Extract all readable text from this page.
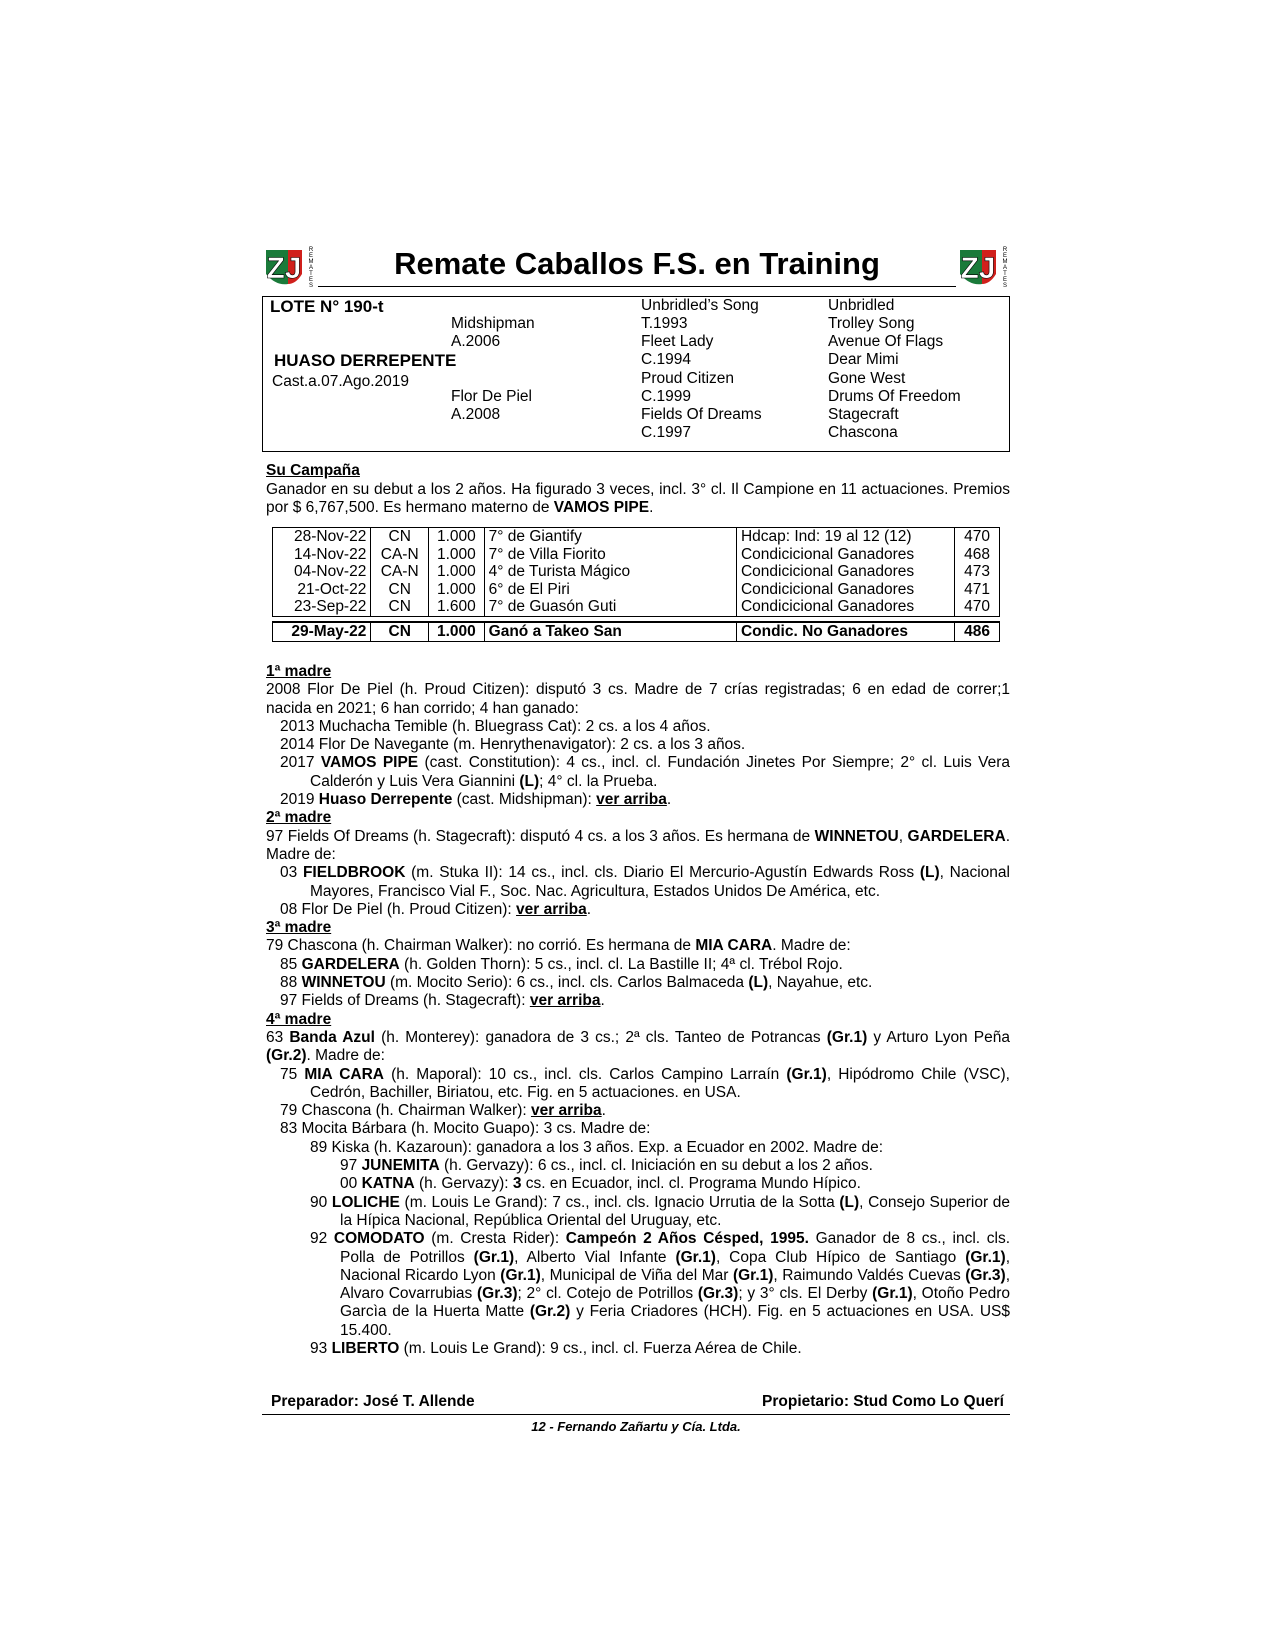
ZJ
R
E
M
A
T
E
S
Remate Caballos F.S. en Training	ZJ
R
E
M
A
T
E
S
LOTE N° 190-t
HUASO DERREPENTE
Cast.a.07.Ago.2019
Midshipman
A.2006
Flor De Piel
A.2008
Unbridled’s Song
T.1993
Fleet Lady
C.1994
Proud Citizen
C.1999
Fields Of Dreams
C.1997
Unbridled
Trolley Song
Avenue Of Flags
Dear Mimi
Gone West
Drums Of Freedom
Stagecraft
Chascona
Su Campaña
Ganador en su debut a los 2 años. Ha figurado 3 veces, incl. 3° cl. Il Campione en 11 actuaciones. Premios por $ 6,767,500. Es hermano materno de VAMOS PIPE.
28-Nov-22	CN	1.000	7° de Giantify	Hdcap: Ind: 19 al 12 (12)	470
14-Nov-22	CA-N	1.000	7° de Villa Fiorito	Condicicional Ganadores	468
04-Nov-22	CA-N	1.000	4° de Turista Mágico	Condicicional Ganadores	473
21-Oct-22	CN	1.000	6° de El Piri	Condicicional Ganadores	471
23-Sep-22	CN	1.600	7° de Guasón Guti	Condicicional Ganadores	470

29-May-22	CN	1.000	Ganó a Takeo San	Condic. No Ganadores	486

1ª madre

2008 Flor De Piel (h. Proud Citizen): disputó 3 cs. Madre de 7 crías registradas; 6 en edad de correr;1 nacida en 2021; 6 han corrido; 4 han ganado:

2013 Muchacha Temible (h. Bluegrass Cat): 2 cs. a los 4 años.

2014 Flor De Navegante (m. Henrythenavigator): 2 cs. a los 3 años.

2017 VAMOS PIPE (cast. Constitution): 4 cs., incl. cl. Fundación Jinetes Por Siempre; 2° cl. Luis Vera Calderón y Luis Vera Giannini (L); 4° cl. la Prueba.

2019 Huaso Derrepente (cast. Midshipman): ver arriba.

2ª madre

97 Fields Of Dreams (h. Stagecraft): disputó 4 cs. a los 3 años. Es hermana de WINNETOU, GARDELERA. Madre de:

03 FIELDBROOK (m. Stuka II): 14 cs., incl. cls. Diario El Mercurio-Agustín Edwards Ross (L), Nacional Mayores, Francisco Vial F., Soc. Nac. Agricultura, Estados Unidos De América, etc.

08 Flor De Piel (h. Proud Citizen): ver arriba.

3ª madre

79 Chascona (h. Chairman Walker): no corrió. Es hermana de MIA CARA. Madre de:

85 GARDELERA (h. Golden Thorn): 5 cs., incl. cl. La Bastille II; 4ª cl. Trébol Rojo.

88 WINNETOU (m. Mocito Serio): 6 cs., incl. cls. Carlos Balmaceda (L), Nayahue, etc.

97 Fields of Dreams (h. Stagecraft): ver arriba.

4ª madre

63 Banda Azul (h. Monterey): ganadora de 3 cs.; 2ª cls. Tanteo de Potrancas (Gr.1) y Arturo Lyon Peña (Gr.2). Madre de:

75 MIA CARA (h. Maporal): 10 cs., incl. cls. Carlos Campino Larraín (Gr.1), Hipódromo Chile (VSC), Cedrón, Bachiller, Biriatou, etc. Fig. en 5 actuaciones. en USA.

79 Chascona (h. Chairman Walker): ver arriba.

83 Mocita Bárbara (h. Mocito Guapo): 3 cs. Madre de:

89 Kiska (h. Kazaroun): ganadora a los 3 años. Exp. a Ecuador en 2002. Madre de:

97 JUNEMITA (h. Gervazy): 6 cs., incl. cl. Iniciación en su debut a los 2 años.

00 KATNA (h. Gervazy): 3 cs. en Ecuador, incl. cl. Programa Mundo Hípico.

90 LOLICHE (m. Louis Le Grand): 7 cs., incl. cls. Ignacio Urrutia de la Sotta (L), Consejo Superior de la Hípica Nacional, República Oriental del Uruguay, etc.

92 COMODATO (m. Cresta Rider): Campeón 2 Años Césped, 1995. Ganador de 8 cs., incl. cls. Polla de Potrillos (Gr.1), Alberto Vial Infante (Gr.1), Copa Club Hípico de Santiago (Gr.1), Nacional Ricardo Lyon (Gr.1), Municipal de Viña del Mar (Gr.1), Raimundo Valdés Cuevas (Gr.3), Alvaro Covarrubias (Gr.3); 2° cl. Cotejo de Potrillos (Gr.3); y 3° cls. El Derby (Gr.1), Otoño Pedro Garcìa de la Huerta Matte (Gr.2) y Feria Criadores (HCH). Fig. en 5 actuaciones en USA. US$ 15.400.

93 LIBERTO (m. Louis Le Grand): 9 cs., incl. cl. Fuerza Aérea de Chile.

Preparador: José T. Allende	Propietario: Stud Como Lo Querí
12 - Fernando Zañartu y Cía. Ltda.
